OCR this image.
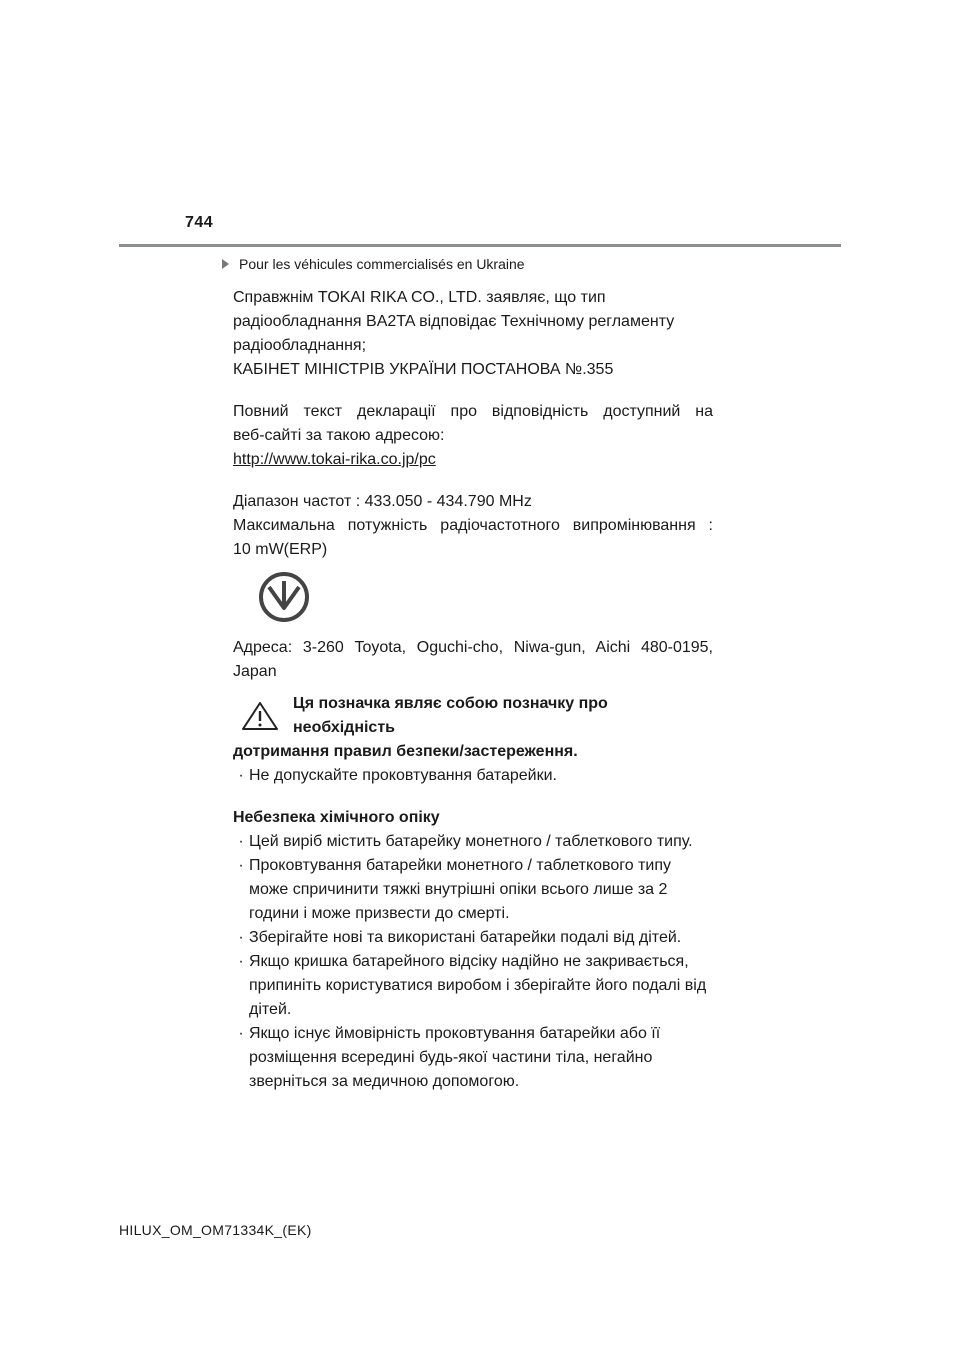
744
Pour les véhicules commercialisés en Ukraine

Справжнім TOKAI RIKA CO., LTD. заявляє, що тип

радіообладнання BA2TA відповідає Технічному регламенту

радіообладнання;

КАБІНЕТ МІНІСТРІВ УКРАЇНИ ПОСТАНОВА №.355

Повний текст декларації про відповідність доступний на

веб-сайті за такою адресою:

http://www.tokai-rika.co.jp/pc

Діапазон частот : 433.050 - 434.790 MHz

Максимальна потужність радіочастотного випромінювання :

10 mW(ERP)

Адреса: 3-260 Toyota, Oguchi-cho, Niwa-gun, Aichi 480-0195,

Japan

Ця позначка являє собою позначку про необхідність

дотримання правил безпеки/застереження.

· Не допускайте проковтування батарейки.

Небезпека хімічного опіку

· Цей виріб містить батарейку монетного / таблеткового типу.

· Проковтування батарейки монетного / таблеткового типу може спричинити тяжкі внутрішні опіки всього лише за 2 години і може призвести до смерті.

· Зберігайте нові та використані батарейки подалі від дітей.

· Якщо кришка батарейного відсіку надійно не закривається, припиніть користуватися виробом і зберігайте його подалі від дітей.

· Якщо існує ймовірність проковтування батарейки або її розміщення всередині будь-якої частини тіла, негайно зверніться за медичною допомогою.

HILUX_OM_OM71334K_(EK)
